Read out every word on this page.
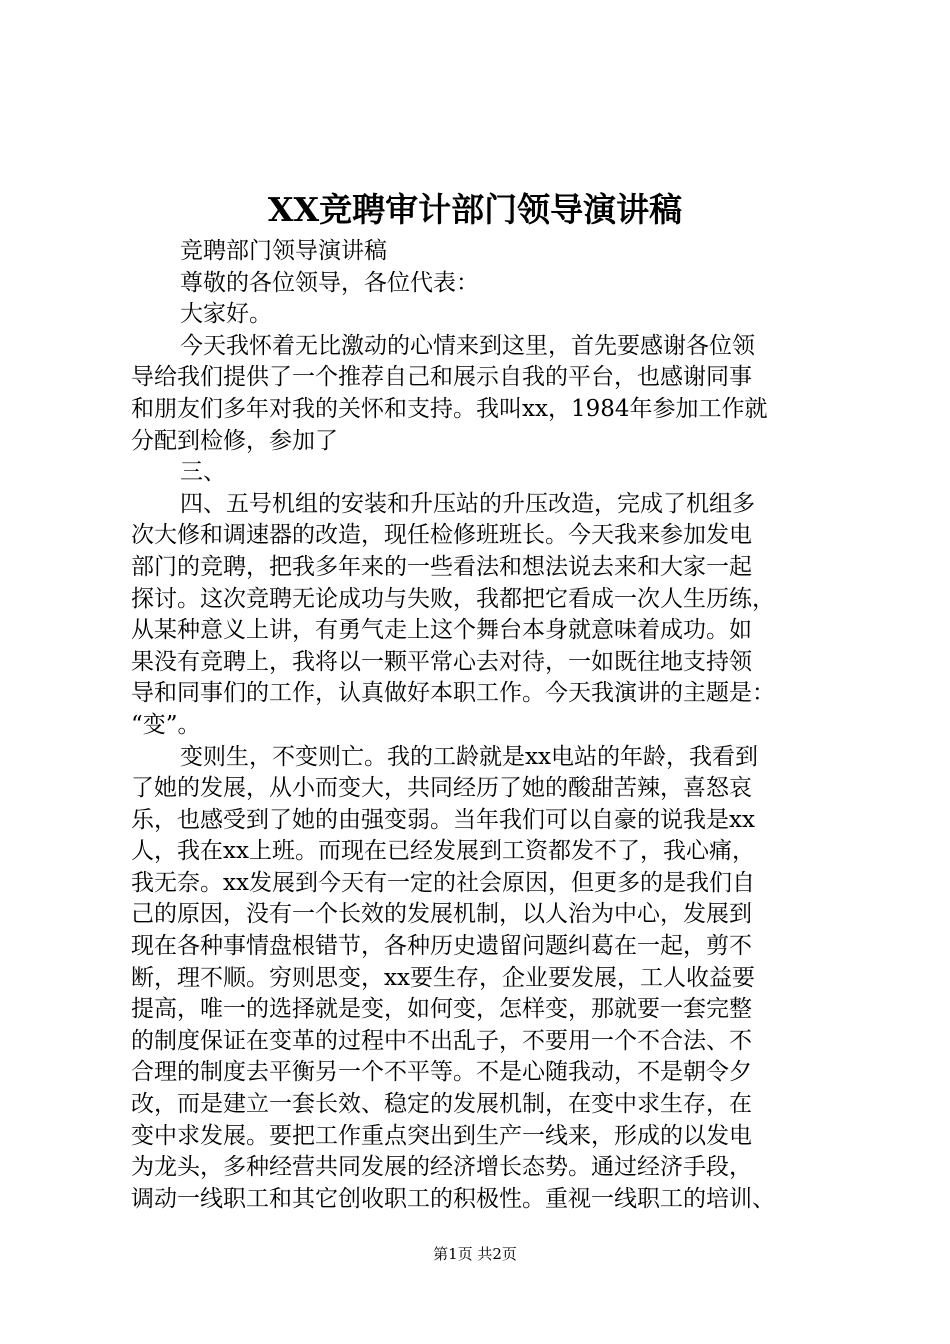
XX竞聘审计部门领导演讲稿
竞聘部门领导演讲稿
尊敬的各位领导，各位代表：
大家好。
今天我怀着无比激动的心情来到这里，首先要感谢各位领
导给我们提供了一个推荐自己和展示自我的平台，也感谢同事
和朋友们多年对我的关怀和支持。我叫xx，1984年参加工作就
分配到检修，参加了
三、
四、五号机组的安装和升压站的升压改造，完成了机组多
次大修和调速器的改造，现任检修班班长。今天我来参加发电
部门的竞聘，把我多年来的一些看法和想法说去来和大家一起
探讨。这次竞聘无论成功与失败，我都把它看成一次人生历练，
从某种意义上讲，有勇气走上这个舞台本身就意味着成功。如
果没有竞聘上，我将以一颗平常心去对待，一如既往地支持领
导和同事们的工作，认真做好本职工作。今天我演讲的主题是：
“变”。
变则生，不变则亡。我的工龄就是xx电站的年龄，我看到
了她的发展，从小而变大，共同经历了她的酸甜苦辣，喜怒哀
乐，也感受到了她的由强变弱。当年我们可以自豪的说我是xx
人，我在xx上班。而现在已经发展到工资都发不了，我心痛，
我无奈。xx发展到今天有一定的社会原因，但更多的是我们自
己的原因，没有一个长效的发展机制，以人治为中心，发展到
现在各种事情盘根错节，各种历史遗留问题纠葛在一起，剪不
断，理不顺。穷则思变，xx要生存，企业要发展，工人收益要
提高，唯一的选择就是变，如何变，怎样变，那就要一套完整
的制度保证在变革的过程中不出乱子，不要用一个不合法、不
合理的制度去平衡另一个不平等。不是心随我动，不是朝令夕
改，而是建立一套长效、稳定的发展机制，在变中求生存，在
变中求发展。要把工作重点突出到生产一线来，形成的以发电
为龙头，多种经营共同发展的经济增长态势。通过经济手段，
调动一线职工和其它创收职工的积极性。重视一线职工的培训、
第1页 共2页
